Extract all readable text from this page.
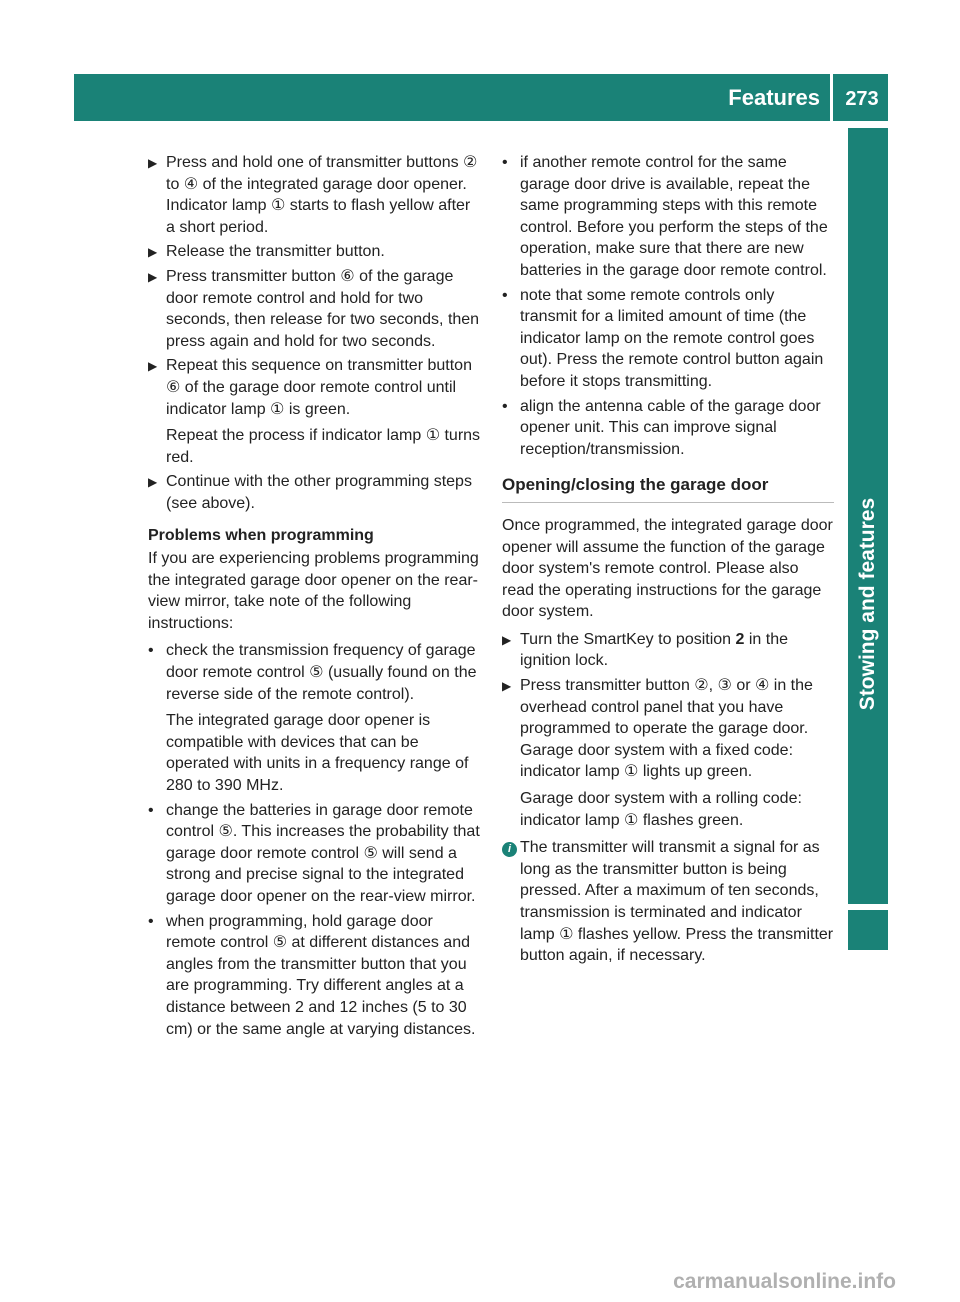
Features	273
Stowing and features
▶ Press and hold one of transmitter buttons ② to ④ of the integrated garage door opener.

Indicator lamp ① starts to flash yellow after a short period.

▶ Release the transmitter button.

▶ Press transmitter button ⑥ of the garage door remote control and hold for two seconds, then release for two seconds, then press again and hold for two seconds.

▶ Repeat this sequence on transmitter button ⑥ of the garage door remote control until indicator lamp ① is green.

Repeat the process if indicator lamp ① turns red.

▶ Continue with the other programming steps (see above).

Problems when programming

If you are experiencing problems programming the integrated garage door opener on the rear-view mirror, take note of the following instructions:

• check the transmission frequency of garage door remote control ⑤ (usually found on the reverse side of the remote control).

The integrated garage door opener is compatible with devices that can be operated with units in a frequency range of 280 to 390 MHz.

• change the batteries in garage door remote control ⑤. This increases the probability that garage door remote control ⑤ will send a strong and precise signal to the integrated garage door opener on the rear-view mirror.

• when programming, hold garage door remote control ⑤ at different distances and angles from the transmitter button that you are programming. Try different angles at a distance between 2 and 12 inches (5 to 30 cm) or the same angle at varying distances.

• if another remote control for the same garage door drive is available, repeat the same programming steps with this remote control. Before you perform the steps of the operation, make sure that there are new batteries in the garage door remote control.

• note that some remote controls only transmit for a limited amount of time (the indicator lamp on the remote control goes out). Press the remote control button again before it stops transmitting.

• align the antenna cable of the garage door opener unit. This can improve signal reception/transmission.

Opening/closing the garage door

Once programmed, the integrated garage door opener will assume the function of the garage door system's remote control. Please also read the operating instructions for the garage door system.

▶ Turn the SmartKey to position 2 in the ignition lock.

▶ Press transmitter button ②, ③ or ④ in the overhead control panel that you have programmed to operate the garage door.

Garage door system with a fixed code: indicator lamp ① lights up green.

Garage door system with a rolling code: indicator lamp ① flashes green.

i The transmitter will transmit a signal for as long as the transmitter button is being pressed. After a maximum of ten seconds, transmission is terminated and indicator lamp ① flashes yellow. Press the transmitter button again, if necessary.

carmanualsonline.info
